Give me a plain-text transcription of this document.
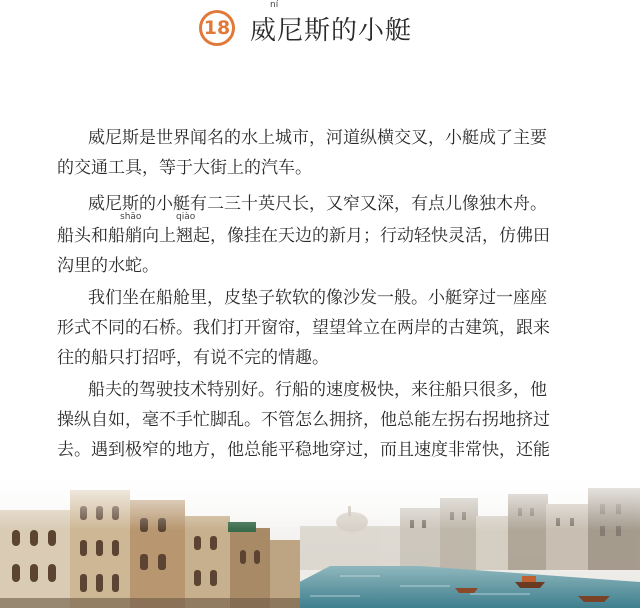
18
ní
威尼斯的小艇
威尼斯是世界闻名的水上城市，河道纵横交叉，小艇成了主要
的交通工具，等于大街上的汽车。
威尼斯的小艇有二三十英尺长，又窄又深，有点儿像独木舟。
shāo	qiào
船头和船艄向上翘起，像挂在天边的新月；行动轻快灵活，仿佛田
沟里的水蛇。
我们坐在船舱里，皮垫子软软的像沙发一般。小艇穿过一座座
形式不同的石桥。我们打开窗帘，望望耸立在两岸的古建筑，跟来
往的船只打招呼，有说不完的情趣。
船夫的驾驶技术特别好。行船的速度极快，来往船只很多，他
操纵自如，毫不手忙脚乱。不管怎么拥挤，他总能左拐右拐地挤过
去。遇到极窄的地方，他总能平稳地穿过，而且速度非常快，还能
